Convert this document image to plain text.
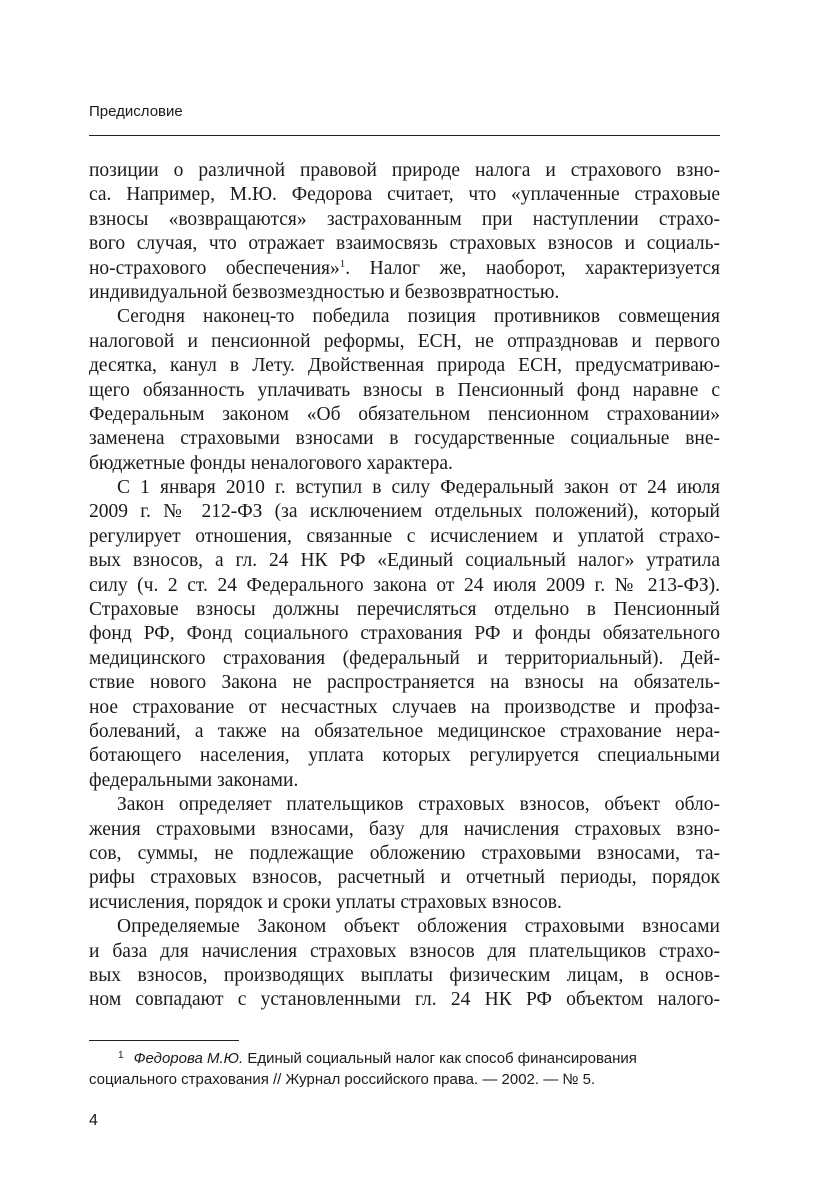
Предисловие
позиции о различной правовой природе налога и страхового взно-
са. Например, М.Ю. Федорова считает, что «уплаченные страховые
взносы «возвращаются» застрахованным при наступлении страхо-
вого случая, что отражает взаимосвязь страховых взносов и социаль-
но-страхового обеспечения»$^1$. Налог же, наоборот, характеризуется
индивидуальной безвозмездностью и безвозвратностью.
Сегодня наконец-то победила позиция противников совмещения
налоговой и пенсионной реформы, ЕСН, не отпраздновав и первого
десятка, канул в Лету. Двойственная природа ЕСН, предусматриваю-
щего обязанность уплачивать взносы в Пенсионный фонд наравне с
Федеральным законом «Об обязательном пенсионном страховании»
заменена страховыми взносами в государственные социальные вне-
бюджетные фонды неналогового характера.
С 1 января 2010 г. вступил в силу Федеральный закон от 24 июля
2009 г. № 212-ФЗ (за исключением отдельных положений), который
регулирует отношения, связанные с исчислением и уплатой страхо-
вых взносов, а гл. 24 НК РФ «Единый социальный налог» утратила
силу (ч. 2 ст. 24 Федерального закона от 24 июля 2009 г. № 213-ФЗ).
Страховые взносы должны перечисляться отдельно в Пенсионный
фонд РФ, Фонд социального страхования РФ и фонды обязательного
медицинского страхования (федеральный и территориальный). Дей-
ствие нового Закона не распространяется на взносы на обязатель-
ное страхование от несчастных случаев на производстве и профза-
болеваний, а также на обязательное медицинское страхование нера-
ботающего населения, уплата которых регулируется специальными
федеральными законами.
Закон определяет плательщиков страховых взносов, объект обло-
жения страховыми взносами, базу для начисления страховых взно-
сов, суммы, не подлежащие обложению страховыми взносами, та-
рифы страховых взносов, расчетный и отчетный периоды, порядок
исчисления, порядок и сроки уплаты страховых взносов.
Определяемые Законом объект обложения страховыми взносами
и база для начисления страховых взносов для плательщиков страхо-
вых взносов, производящих выплаты физическим лицам, в основ-
ном совпадают с установленными гл. 24 НК РФ объектом налого-
$^1$ Федорова М.Ю. Единый социальный налог как способ финансирования
социального страхования // Журнал российского права. — 2002. — № 5.
4
